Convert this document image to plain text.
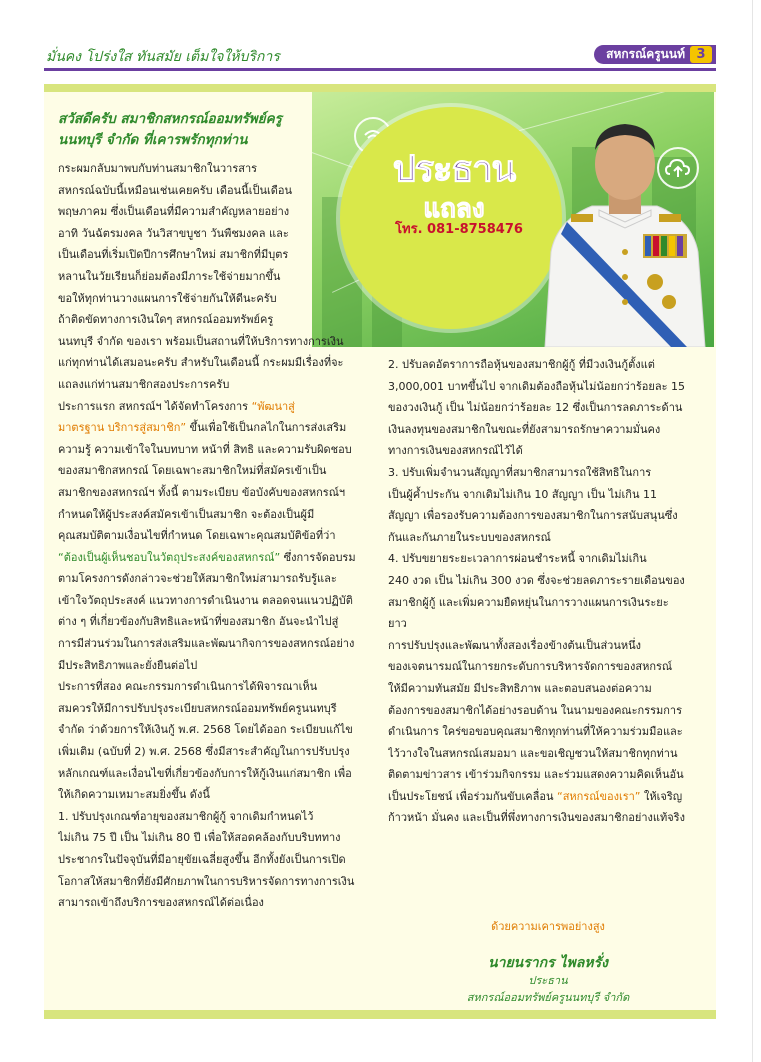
มั่นคง โปร่งใส ทันสมัย เต็มใจให้บริการ	สหกรณ์ครูนนท์ 3
ประธาน
แถลง
โทร. 081-8758476

สวัสดีครับ สมาชิกสหกรณ์ออมทรัพย์ครู

นนทบุรี จำกัด ที่เคารพรักทุกท่าน

กระผมกลับมาพบกับท่านสมาชิกในวารสาร

สหกรณ์ฉบับนี้เหมือนเช่นเคยครับ เดือนนี้เป็นเดือน

พฤษภาคม ซึ่งเป็นเดือนที่มีความสำคัญหลายอย่าง

อาทิ วันฉัตรมงคล วันวิสาขบูชา วันพืชมงคล และ

เป็นเดือนที่เริ่มเปิดปีการศึกษาใหม่ สมาชิกที่มีบุตร

หลานในวัยเรียนก็ย่อมต้องมีภาระใช้จ่ายมากขึ้น

ขอให้ทุกท่านวางแผนการใช้จ่ายกันให้ดีนะครับ

ถ้าติดขัดทางการเงินใดๆ สหกรณ์ออมทรัพย์ครู

นนทบุรี จำกัด ของเรา พร้อมเป็นสถานที่ให้บริการทางการเงิน

แก่ทุกท่านได้เสมอนะครับ สำหรับในเดือนนี้ กระผมมีเรื่องที่จะ

แถลงแก่ท่านสมาชิกสองประการครับ

ประการแรก สหกรณ์ฯ ได้จัดทำโครงการ “พัฒนาสู่

มาตรฐาน บริการสู่สมาชิก” ขึ้นเพื่อใช้เป็นกลไกในการส่งเสริม

ความรู้ ความเข้าใจในบทบาท หน้าที่ สิทธิ และความรับผิดชอบ

ของสมาชิกสหกรณ์ โดยเฉพาะสมาชิกใหม่ที่สมัครเข้าเป็น

สมาชิกของสหกรณ์ฯ ทั้งนี้ ตามระเบียบ ข้อบังคับของสหกรณ์ฯ

กำหนดให้ผู้ประสงค์สมัครเข้าเป็นสมาชิก จะต้องเป็นผู้มี

คุณสมบัติตามเงื่อนไขที่กำหนด โดยเฉพาะคุณสมบัติข้อที่ว่า

“ต้องเป็นผู้เห็นชอบในวัตถุประสงค์ของสหกรณ์” ซึ่งการจัดอบรม

ตามโครงการดังกล่าวจะช่วยให้สมาชิกใหม่สามารถรับรู้และ

เข้าใจวัตถุประสงค์ แนวทางการดำเนินงาน ตลอดจนแนวปฏิบัติ

ต่าง ๆ ที่เกี่ยวข้องกับสิทธิและหน้าที่ของสมาชิก อันจะนำไปสู่

การมีส่วนร่วมในการส่งเสริมและพัฒนากิจการของสหกรณ์อย่าง

มีประสิทธิภาพและยั่งยืนต่อไป

ประการที่สอง คณะกรรมการดำเนินการได้พิจารณาเห็น

สมควรให้มีการปรับปรุงระเบียบสหกรณ์ออมทรัพย์ครูนนทบุรี

จำกัด ว่าด้วยการให้เงินกู้ พ.ศ. 2568 โดยได้ออก ระเบียบแก้ไข

เพิ่มเติม (ฉบับที่ 2) พ.ศ. 2568 ซึ่งมีสาระสำคัญในการปรับปรุง

หลักเกณฑ์และเงื่อนไขที่เกี่ยวข้องกับการให้กู้เงินแก่สมาชิก เพื่อ

ให้เกิดความเหมาะสมยิ่งขึ้น ดังนี้

1. ปรับปรุงเกณฑ์อายุของสมาชิกผู้กู้ จากเดิมกำหนดไว้

ไม่เกิน 75 ปี เป็น ไม่เกิน 80 ปี เพื่อให้สอดคล้องกับบริบททาง

ประชากรในปัจจุบันที่มีอายุขัยเฉลี่ยสูงขึ้น อีกทั้งยังเป็นการเปิด

โอกาสให้สมาชิกที่ยังมีศักยภาพในการบริหารจัดการทางการเงิน

สามารถเข้าถึงบริการของสหกรณ์ได้ต่อเนื่อง

2. ปรับลดอัตราการถือหุ้นของสมาชิกผู้กู้ ที่มีวงเงินกู้ตั้งแต่

3,000,001 บาทขึ้นไป จากเดิมต้องถือหุ้นไม่น้อยกว่าร้อยละ 15

ของวงเงินกู้ เป็น ไม่น้อยกว่าร้อยละ 12 ซึ่งเป็นการลดภาระด้าน

เงินลงทุนของสมาชิกในขณะที่ยังสามารถรักษาความมั่นคง

ทางการเงินของสหกรณ์ไว้ได้

3. ปรับเพิ่มจำนวนสัญญาที่สมาชิกสามารถใช้สิทธิในการ

เป็นผู้ค้ำประกัน จากเดิมไม่เกิน 10 สัญญา เป็น ไม่เกิน 11

สัญญา เพื่อรองรับความต้องการของสมาชิกในการสนับสนุนซึ่ง

กันและกันภายในระบบของสหกรณ์

4. ปรับขยายระยะเวลาการผ่อนชำระหนี้ จากเดิมไม่เกิน

240 งวด เป็น ไม่เกิน 300 งวด ซึ่งจะช่วยลดภาระรายเดือนของ

สมาชิกผู้กู้ และเพิ่มความยืดหยุ่นในการวางแผนการเงินระยะ

ยาว

การปรับปรุงและพัฒนาทั้งสองเรื่องข้างต้นเป็นส่วนหนึ่ง

ของเจตนารมณ์ในการยกระดับการบริหารจัดการของสหกรณ์

ให้มีความทันสมัย มีประสิทธิภาพ และตอบสนองต่อความ

ต้องการของสมาชิกได้อย่างรอบด้าน ในนามของคณะกรรมการ

ดำเนินการ ใคร่ขอขอบคุณสมาชิกทุกท่านที่ให้ความร่วมมือและ

ไว้วางใจในสหกรณ์เสมอมา และขอเชิญชวนให้สมาชิกทุกท่าน

ติดตามข่าวสาร เข้าร่วมกิจกรรม และร่วมแสดงความคิดเห็นอัน

เป็นประโยชน์ เพื่อร่วมกันขับเคลื่อน “สหกรณ์ของเรา” ให้เจริญ

ก้าวหน้า มั่นคง และเป็นที่พึ่งทางการเงินของสมาชิกอย่างแท้จริง

ด้วยความเคารพอย่างสูง
นายนรากร ไพลหรั่ง
ประธาน
สหกรณ์ออมทรัพย์ครูนนทบุรี จำกัด
